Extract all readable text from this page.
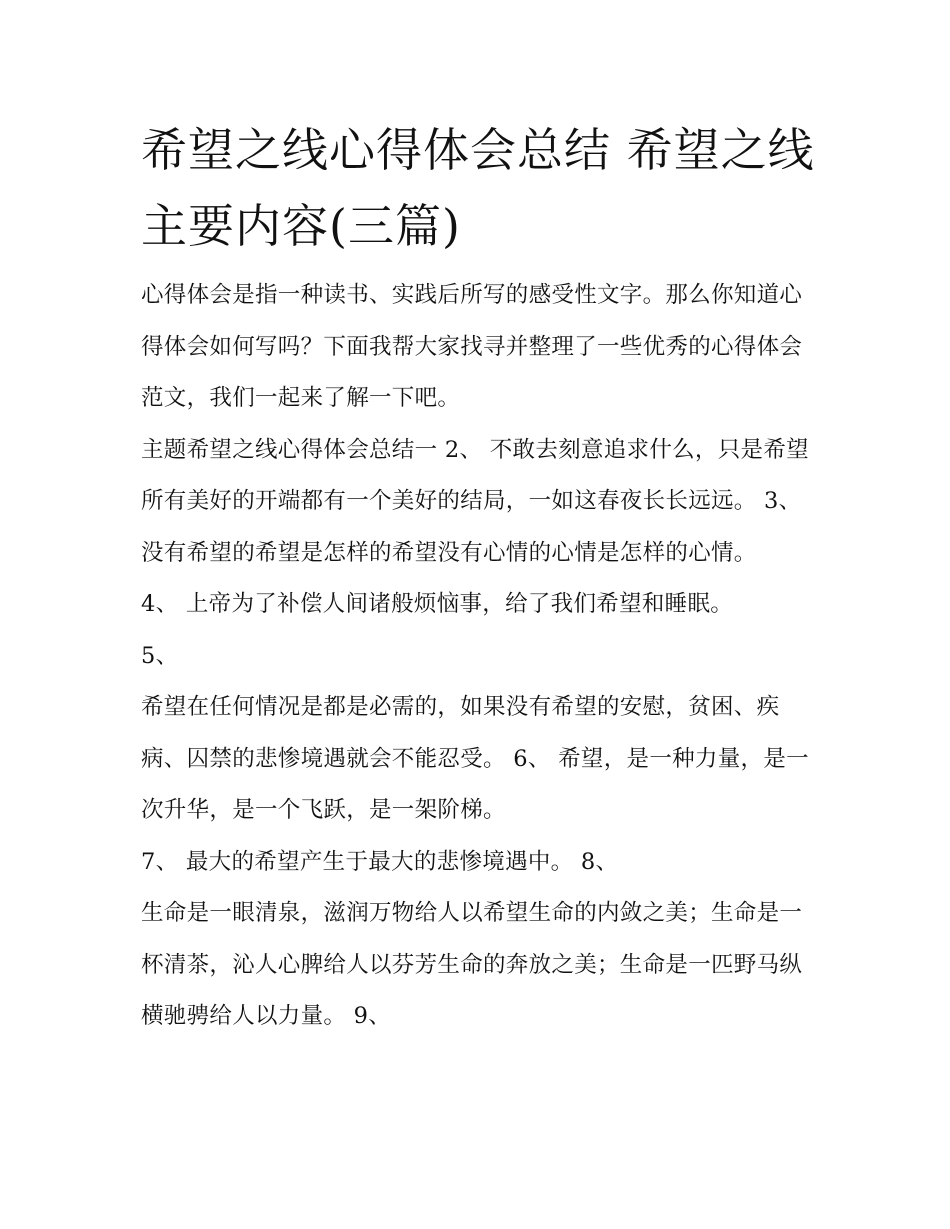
希望之线心得体会总结 希望之线主要内容(三篇)

心得体会是指一种读书、实践后所写的感受性文字。那么你知道心得体会如何写吗？下面我帮大家找寻并整理了一些优秀的心得体会范文，我们一起来了解一下吧。

主题希望之线心得体会总结一 2、 不敢去刻意追求什么，只是希望所有美好的开端都有一个美好的结局，一如这春夜长长远远。 3、

没有希望的希望是怎样的希望没有心情的心情是怎样的心情。

4、 上帝为了补偿人间诸般烦恼事，给了我们希望和睡眠。

5、

希望在任何情况是都是必需的，如果没有希望的安慰，贫困、疾病、囚禁的悲惨境遇就会不能忍受。 6、 希望，是一种力量，是一次升华，是一个飞跃，是一架阶梯。

7、 最大的希望产生于最大的悲惨境遇中。 8、

生命是一眼清泉，滋润万物给人以希望生命的内敛之美；生命是一杯清茶，沁人心脾给人以芬芳生命的奔放之美；生命是一匹野马纵横驰骋给人以力量。 9、
